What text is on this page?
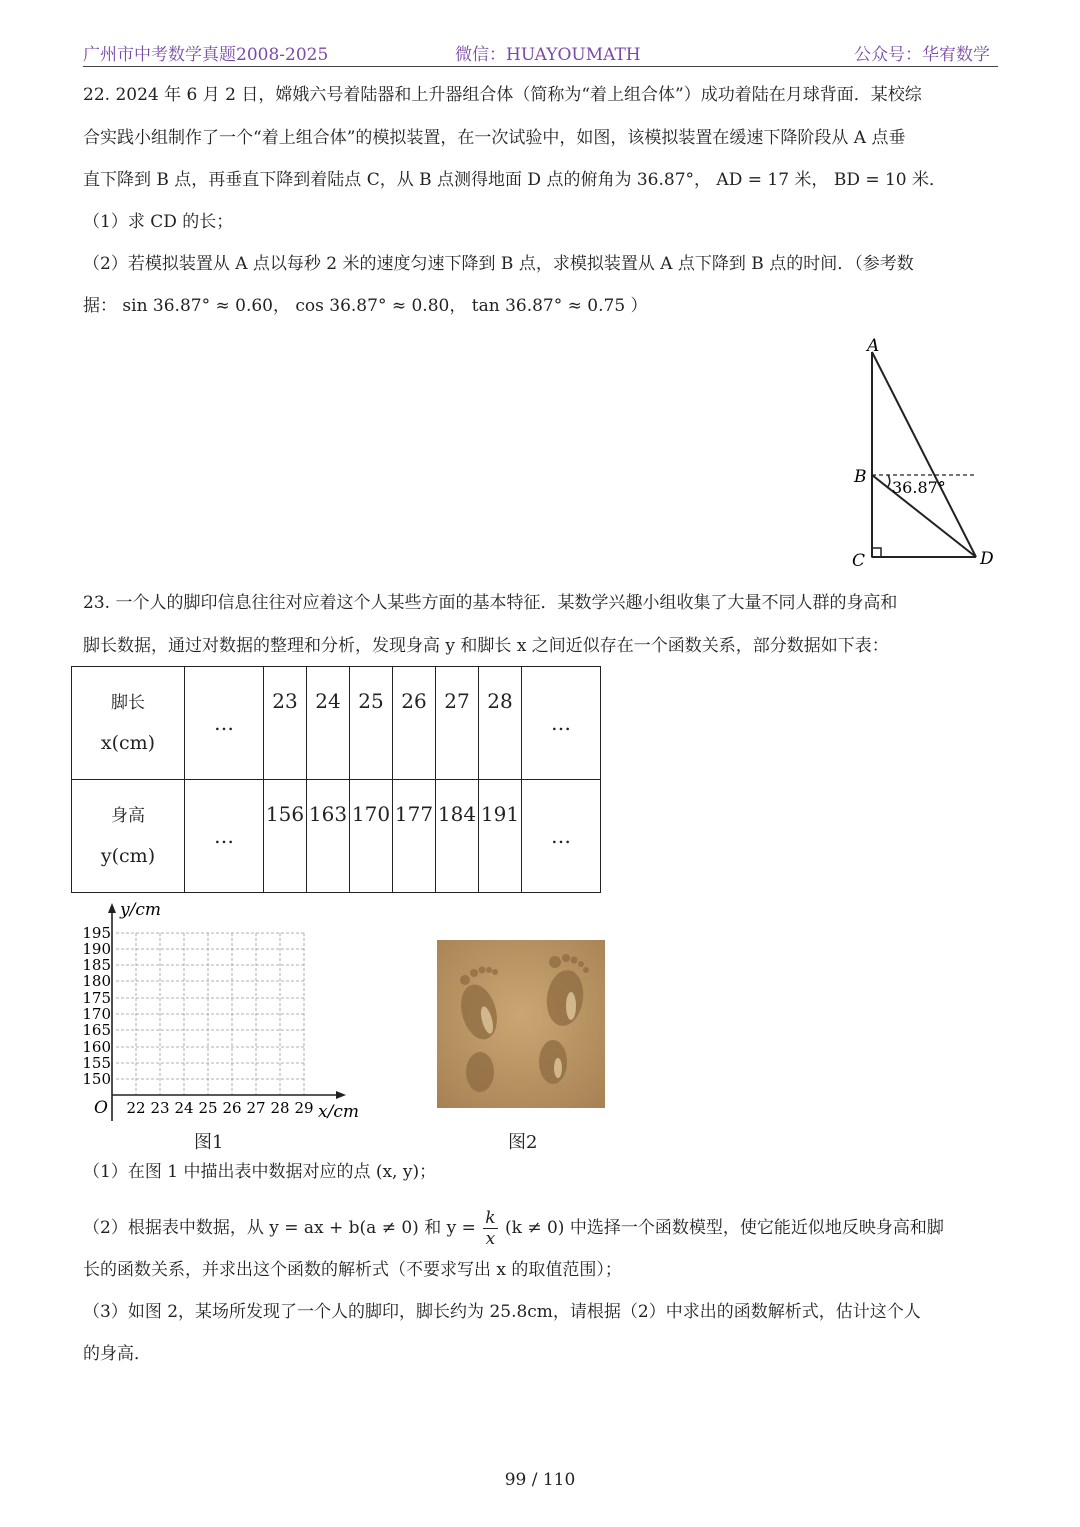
广州市中考数学真题2008-2025	微信：HUAYOUMATH	公众号：华宥数学
22. 2024 年 6 月 2 日，嫦娥六号着陆器和上升器组合体（简称为“着上组合体”）成功着陆在月球背面．某校综
合实践小组制作了一个“着上组合体”的模拟装置，在一次试验中，如图，该模拟装置在缓速下降阶段从 A 点垂
直下降到 B 点，再垂直下降到着陆点 C，从 B 点测得地面 D 点的俯角为 36.87°， AD = 17 米， BD = 10 米．
（1）求 CD 的长；
（2）若模拟装置从 A 点以每秒 2 米的速度匀速下降到 B 点，求模拟装置从 A 点下降到 B 点的时间．（参考数
据： sin 36.87° ≈ 0.60， cos 36.87° ≈ 0.80， tan 36.87° ≈ 0.75 ）
A
B
C	D
36.87°
23. 一个人的脚印信息往往对应着这个人某些方面的基本特征．某数学兴趣小组收集了大量不同人群的身高和
脚长数据，通过对数据的整理和分析，发现身高 y 和脚长 x 之间近似存在一个函数关系，部分数据如下表：
脚长
x(cm)	…	23	24	25	26	27	28	…

身高
y(cm)	…	156	163	170	177	184	191	…
y/cm
x/cm
O
195
190
185
180
175
170
165
160
155
150
22 23 24 25 26 27 28 29
图1	图2
（1）在图 1 中描出表中数据对应的点 (x, y)；
（2）根据表中数据，从 y = ax + b(a ≠ 0) 和 $y = \frac{k}{x} (k \ne 0)$ 中选择一个函数模型，使它能近似地反映身高和脚
长的函数关系，并求出这个函数的解析式（不要求写出 x 的取值范围）；
（3）如图 2，某场所发现了一个人的脚印，脚长约为 25.8cm，请根据（2）中求出的函数解析式，估计这个人
的身高．
99 / 110
